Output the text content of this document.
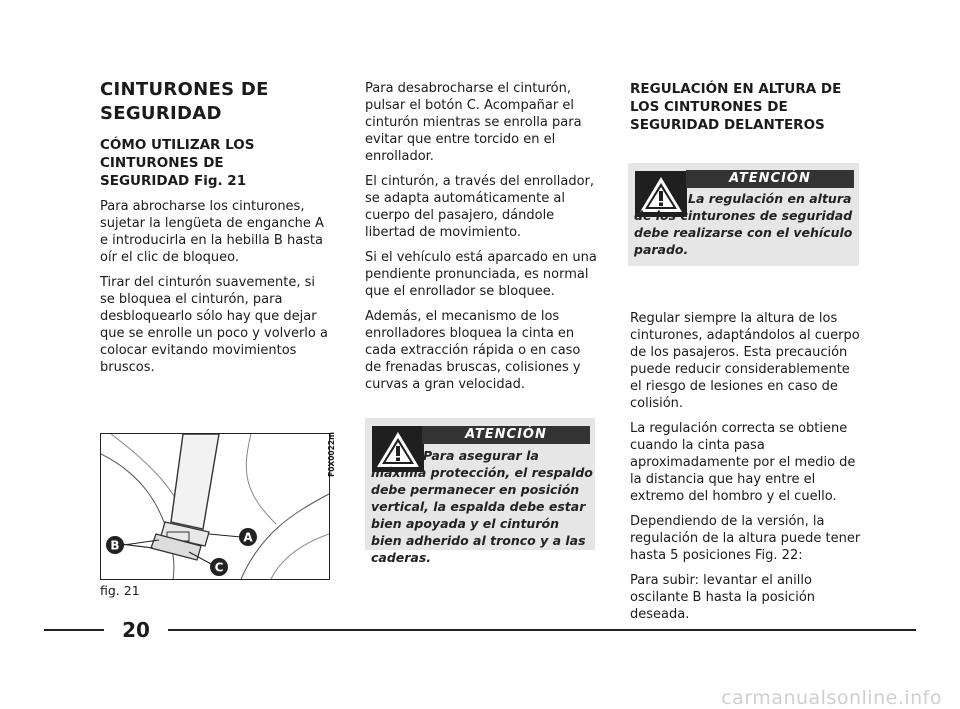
CINTURONES DE SEGURIDAD
CÓMO UTILIZAR LOS CINTURONES DE SEGURIDAD Fig. 21

Para abrocharse los cinturones, sujetar la lengüeta de enganche A e introducirla en la hebilla B hasta oír el clic de bloqueo.

Tirar del cinturón suavemente, si se bloquea el cinturón, para desbloquearlo sólo hay que dejar que se enrolle un poco y volverlo a colocar evitando movimientos bruscos.

Para desabrocharse el cinturón, pulsar el botón C. Acompañar el cinturón mientras se enrolla para evitar que entre torcido en el enrollador.

El cinturón, a través del enrollador, se adapta automáticamente al cuerpo del pasajero, dándole libertad de movimiento.

Si el vehículo está aparcado en una pendiente pronunciada, es normal que el enrollador se bloquee.

Además, el mecanismo de los enrolladores bloquea la cinta en cada extracción rápida o en caso de frenadas bruscas, colisiones y curvas a gran velocidad.

ATENCIÓN
Para asegurar la máxima protección, el respaldo debe permanecer en posición vertical, la espalda debe estar bien apoyada y el cinturón bien adherido al tronco y a las caderas.
REGULACIÓN EN ALTURA DE LOS CINTURONES DE SEGURIDAD DELANTEROS
ATENCIÓN
La regulación en altura de los cinturones de seguridad debe realizarse con el vehículo parado.

Regular siempre la altura de los cinturones, adaptándolos al cuerpo de los pasajeros. Esta precaución puede reducir considerablemente el riesgo de lesiones en caso de colisión.

La regulación correcta se obtiene cuando la cinta pasa aproximadamente por el medio de la distancia que hay entre el extremo del hombro y el cuello.

Dependiendo de la versión, la regulación de la altura puede tener hasta 5 posiciones Fig. 22:

Para subir: levantar el anillo oscilante B hasta la posición deseada.

B
A
C
F0X0022m
fig. 21
20
carmanualsonline.info
